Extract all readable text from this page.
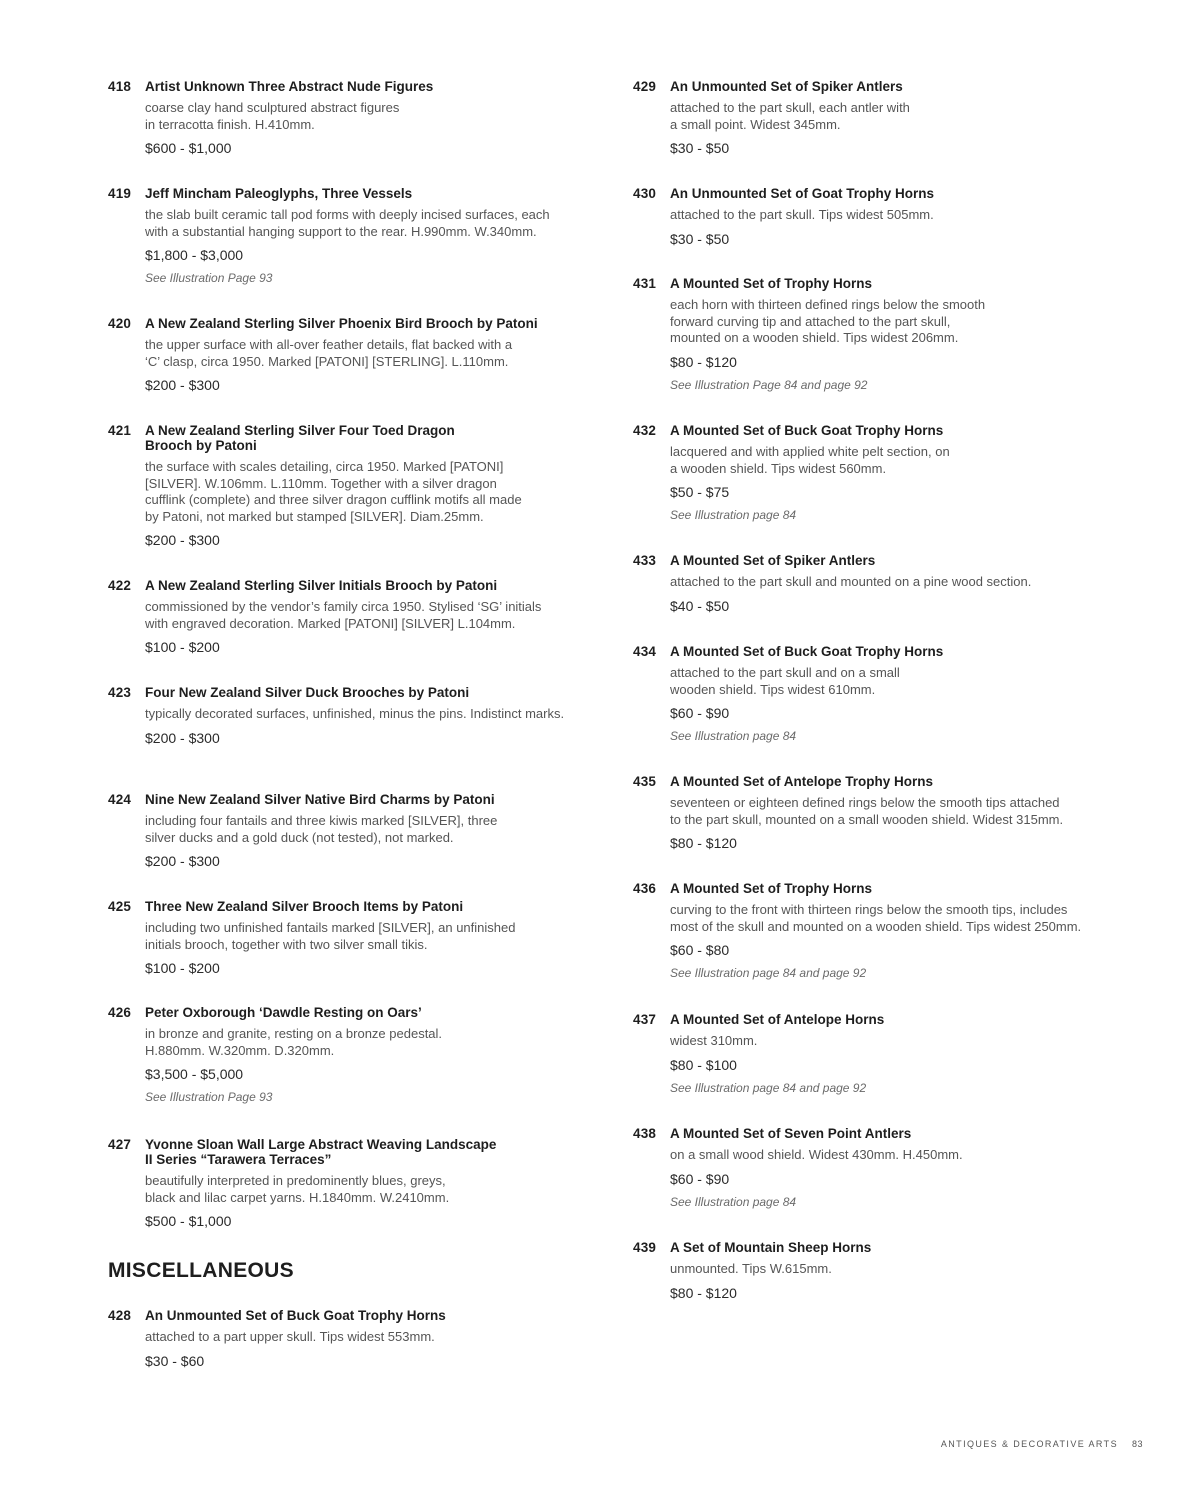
418 Artist Unknown Three Abstract Nude Figures
coarse clay hand sculptured abstract figures
in terracotta finish. H.410mm.
$600 - $1,000
419 Jeff Mincham Paleoglyphs, Three Vessels
the slab built ceramic tall pod forms with deeply incised surfaces, each
with a substantial hanging support to the rear. H.990mm. W.340mm.
$1,800 - $3,000
See Illustration Page 93
420 A New Zealand Sterling Silver Phoenix Bird Brooch by Patoni
the upper surface with all-over feather details, flat backed with a
‘C’ clasp, circa 1950. Marked [PATONI] [STERLING]. L.110mm.
$200 - $300
421 A New Zealand Sterling Silver Four Toed Dragon
Brooch by Patoni
the surface with scales detailing, circa 1950. Marked [PATONI]
[SILVER]. W.106mm. L.110mm. Together with a silver dragon
cufflink (complete) and three silver dragon cufflink motifs all made
by Patoni, not marked but stamped [SILVER]. Diam.25mm.
$200 - $300
422 A New Zealand Sterling Silver Initials Brooch by Patoni
commissioned by the vendor’s family circa 1950. Stylised ‘SG’ initials
with engraved decoration. Marked [PATONI] [SILVER] L.104mm.
$100 - $200
423 Four New Zealand Silver Duck Brooches by Patoni
typically decorated surfaces, unfinished, minus the pins. Indistinct marks.
$200 - $300
424 Nine New Zealand Silver Native Bird Charms by Patoni
including four fantails and three kiwis marked [SILVER], three
silver ducks and a gold duck (not tested), not marked.
$200 - $300
425 Three New Zealand Silver Brooch Items by Patoni
including two unfinished fantails marked [SILVER], an unfinished
initials brooch, together with two silver small tikis.
$100 - $200
426 Peter Oxborough ‘Dawdle Resting on Oars’
in bronze and granite, resting on a bronze pedestal.
H.880mm. W.320mm. D.320mm.
$3,500 - $5,000
See Illustration Page 93
427 Yvonne Sloan Wall Large Abstract Weaving Landscape
II Series “Tarawera Terraces”
beautifully interpreted in predominently blues, greys,
black and lilac carpet yarns. H.1840mm. W.2410mm.
$500 - $1,000
MISCELLANEOUS
428 An Unmounted Set of Buck Goat Trophy Horns
attached to a part upper skull. Tips widest 553mm.
$30 - $60
429 An Unmounted Set of Spiker Antlers
attached to the part skull, each antler with
a small point. Widest 345mm.
$30 - $50
430 An Unmounted Set of Goat Trophy Horns
attached to the part skull. Tips widest 505mm.
$30 - $50
431 A Mounted Set of Trophy Horns
each horn with thirteen defined rings below the smooth
forward curving tip and attached to the part skull,
mounted on a wooden shield. Tips widest 206mm.
$80 - $120
See Illustration Page 84 and page 92
432 A Mounted Set of Buck Goat Trophy Horns
lacquered and with applied white pelt section, on
a wooden shield. Tips widest 560mm.
$50 - $75
See Illustration page 84
433 A Mounted Set of Spiker Antlers
attached to the part skull and mounted on a pine wood section.
$40 - $50
434 A Mounted Set of Buck Goat Trophy Horns
attached to the part skull and on a small
wooden shield. Tips widest 610mm.
$60 - $90
See Illustration page 84
435 A Mounted Set of Antelope Trophy Horns
seventeen or eighteen defined rings below the smooth tips attached
to the part skull, mounted on a small wooden shield. Widest 315mm.
$80 - $120
436 A Mounted Set of Trophy Horns
curving to the front with thirteen rings below the smooth tips, includes
most of the skull and mounted on a wooden shield. Tips widest 250mm.
$60 - $80
See Illustration page 84 and page 92
437 A Mounted Set of Antelope Horns
widest 310mm.
$80 - $100
See Illustration page 84 and page 92
438 A Mounted Set of Seven Point Antlers
on a small wood shield. Widest 430mm. H.450mm.
$60 - $90
See Illustration page 84
439 A Set of Mountain Sheep Horns
unmounted. Tips W.615mm.
$80 - $120
ANTIQUES & DECORATIVE ARTS 83
